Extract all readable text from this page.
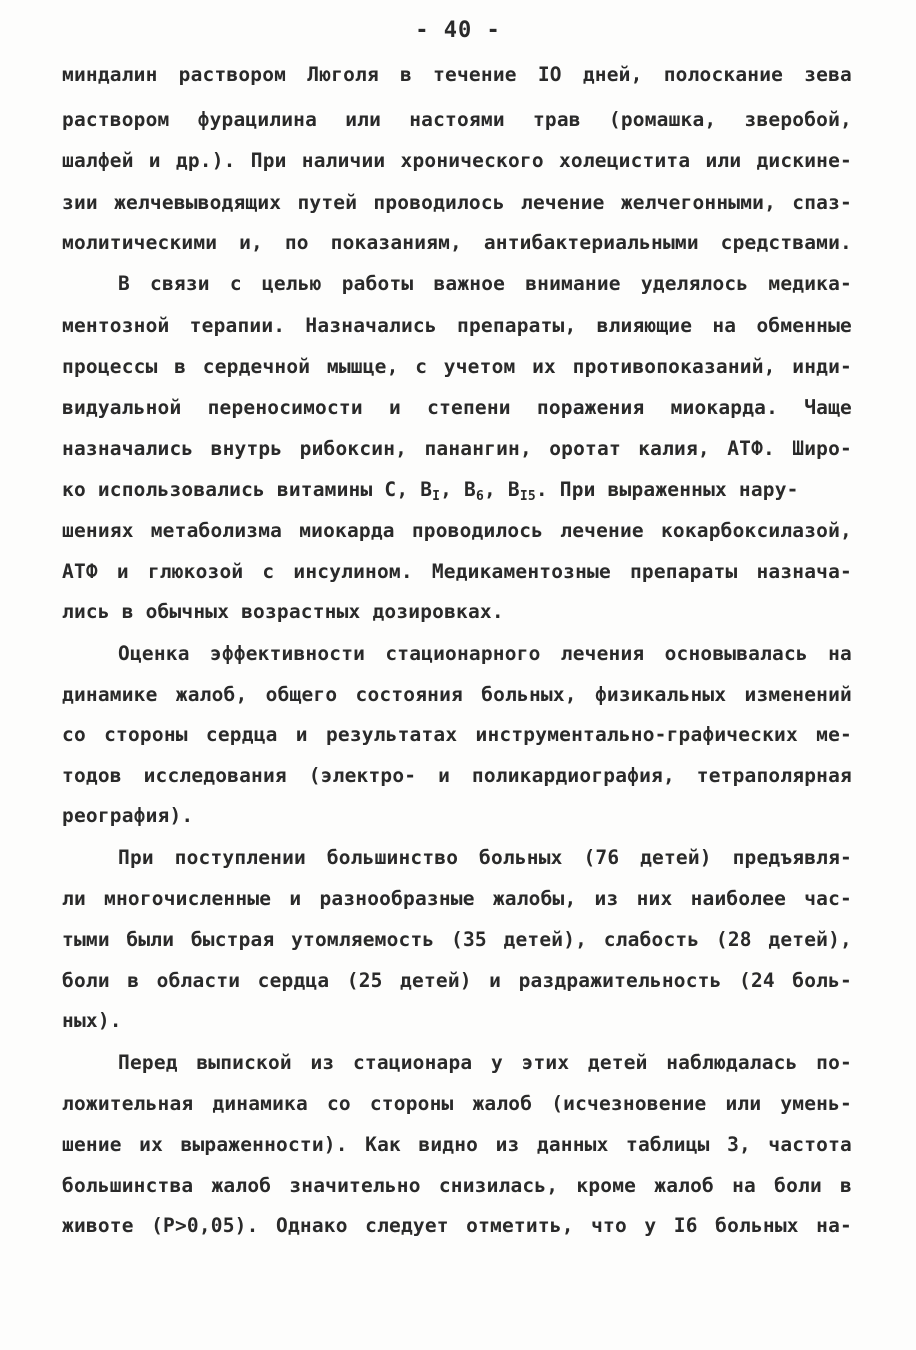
- 40 -
миндалин раствором Люголя в течение IО дней, полоскание зева
раствором фурацилина или настоями трав (ромашка, зверобой,
шалфей и др.). При наличии хронического холецистита или дискине-
зии желчевыводящих путей проводилось лечение желчегонными, спаз-
молитическими и, по показаниям, антибактериальными средствами.
В связи с целью работы важное внимание уделялось медика-
ментозной терапии. Назначались препараты, влияющие на обменные
процессы в сердечной мышце, с учетом их противопоказаний, инди-
видуальной переносимости и степени поражения миокарда. Чаще
назначались внутрь рибоксин, панангин, оротат калия, АТФ. Широ-
ко использовались витамины С, $B_I$, $B_6$, $B_{I5}$. При выраженных нару-
шениях метаболизма миокарда проводилось лечение кокарбоксилазой,
АТФ и глюкозой с инсулином. Медикаментозные препараты назнача-
лись в обычных возрастных дозировках.
Оценка эффективности стационарного лечения основывалась на
динамике жалоб, общего состояния больных, физикальных изменений
со стороны сердца и результатах инструментально-графических ме-
тодов исследования (электро- и поликардиография, тетраполярная
реография).
При поступлении большинство больных (76 детей) предъявля-
ли многочисленные и разнообразные жалобы, из них наиболее час-
тыми были быстрая утомляемость (35 детей), слабость (28 детей),
боли в области сердца (25 детей) и раздражительность (24 боль-
ных).
Перед выпиской из стационара у этих детей наблюдалась по-
ложительная динамика со стороны жалоб (исчезновение или умень-
шение их выраженности). Как видно из данных таблицы 3, частота
большинства жалоб значительно снизилась, кроме жалоб на боли в
животе (P>0,05). Однако следует отметить, что у I6 больных на-
